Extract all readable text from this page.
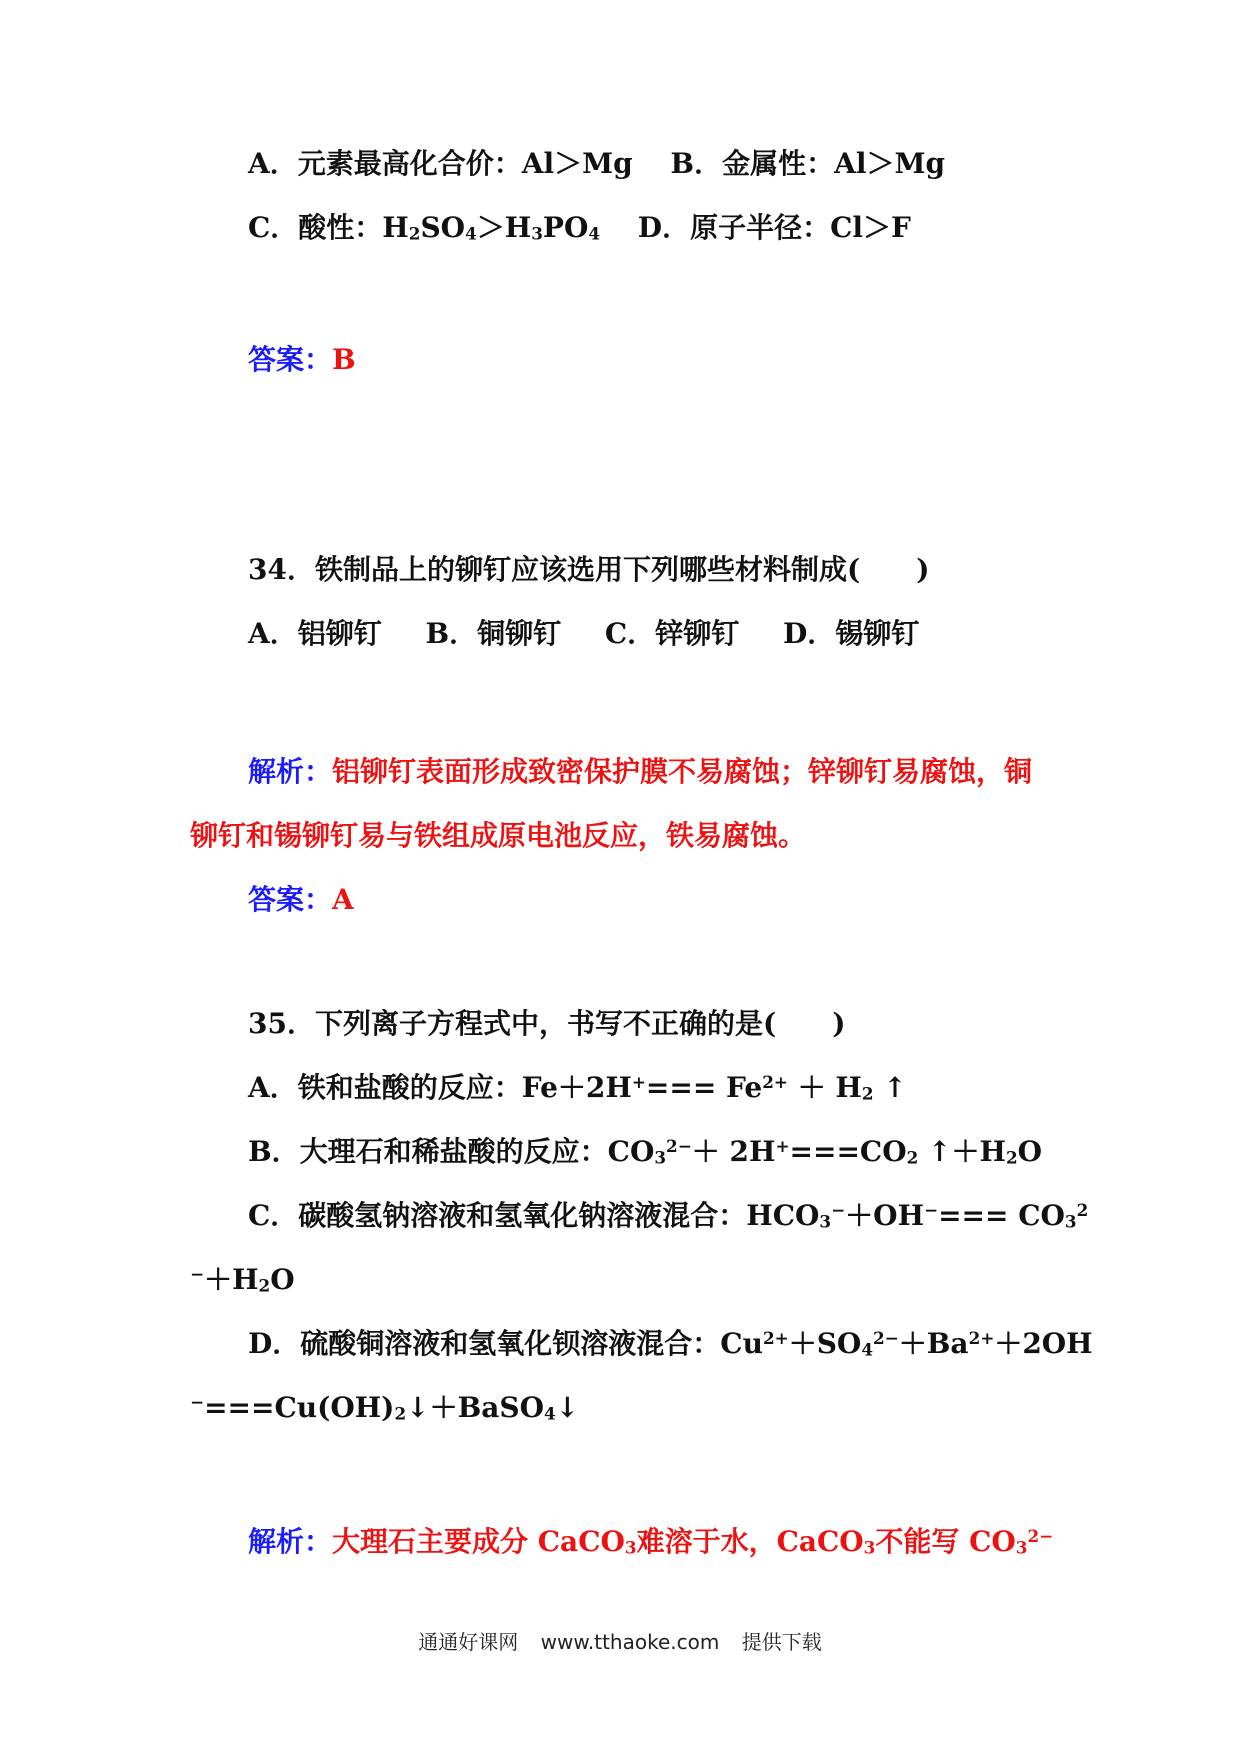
A．元素最高化合价：Al＞Mg B．金属性：Al＞Mg
C．酸性：$H_2SO_4>H_3PO_4$ D．原子半径：Cl＞F
答案：B
34．铁制品上的铆钉应该选用下列哪些材料制成(　　)
A．铝铆钉 B．铜铆钉 C．锌铆钉 D．锡铆钉
解析：铝铆钉表面形成致密保护膜不易腐蚀；锌铆钉易腐蚀，铜
铆钉和锡铆钉易与铁组成原电池反应，铁易腐蚀。
答案：A
35．下列离子方程式中，书写不正确的是(　　)
A．铁和盐酸的反应：$Fe+2H^+=== Fe^{2+} + H_2$ ↑
B．大理石和稀盐酸的反应：$CO_3^{2-}+ 2H^+===CO_2$ $↑+H_2O$
C．碳酸氢钠溶液和氢氧化钠溶液混合：$HCO_3^-+OH^-=== CO_3^2$
$^-+H_2O$
D．硫酸铜溶液和氢氧化钡溶液混合：$Cu^{2+}+SO_4^{2-}+Ba^{2+}+2OH$
$^-===Cu(OH)_2↓+BaSO_4↓$
解析：大理石主要成分 CaCO$_3$难溶于水，CaCO$_3$不能写 $CO_3^{2-}$
通通好课网 www.tthaoke.com 提供下载
